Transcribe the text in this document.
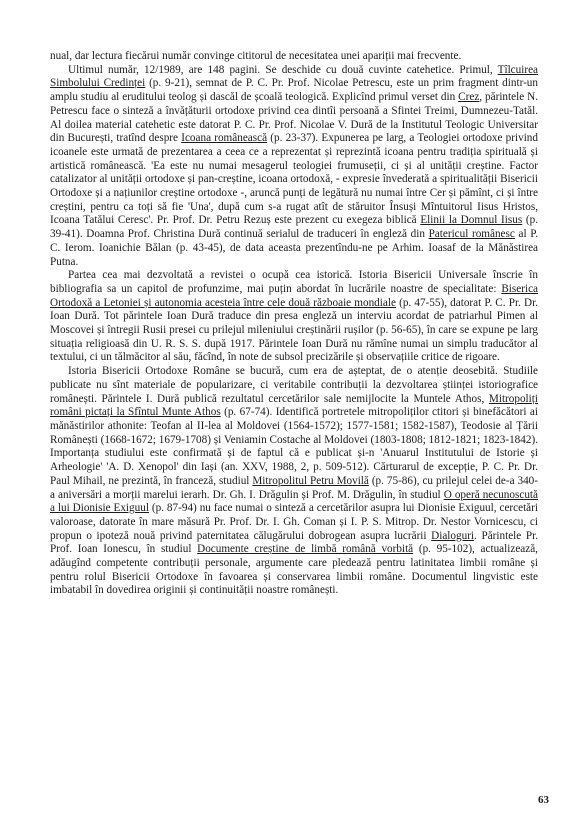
nual, dar lectura fiecărui număr convinge cititorul de necesitatea unei apariții mai frecvente.

Ultimul număr, 12/1989, are 148 pagini. Se deschide cu două cuvinte catehetice. Primul, Tîlcuirea Simbolului Credinței (p. 9-21), semnat de P. C. Pr. Prof. Nicolae Petrescu, este un prim fragment dintr-un amplu studiu al eruditului teolog și dascăl de școală teologică. Explicînd primul verset din Crez, părintele N. Petrescu face o sinteză a învățăturii ortodoxe privind cea dintîi persoană a Sfintei Treimi, Dumnezeu-Tatăl. Al doilea material catehetic este datorat P. C. Pr. Prof. Nicolae V. Dură de la Institutul Teologic Universitar din București, tratînd despre Icoana românească (p. 23-37). Expunerea pe larg, a Teologiei ortodoxe privind icoanele este urmată de prezentarea a ceea ce a reprezentat și reprezintă icoana pentru tradiția spirituală și artistică românească. 'Ea este nu numai mesagerul teologiei frumuseții, ci și al unității creștine. Factor catalizator al unității ortodoxe și pan-creștine, icoana ortodoxă, - expresie învederată a spiritualității Bisericii Ortodoxe și a națiunilor creștine ortodoxe -, aruncă punți de legătură nu numai între Cer și pămînt, ci și între creștini, pentru ca toți să fie 'Una', după cum s-a rugat atît de stăruitor Însuși Mîntuitorul Iisus Hristos, Icoana Tatălui Ceresc'. Pr. Prof. Dr. Petru Rezuș este prezent cu exegeza biblică Elinii la Domnul Iisus (p. 39-41). Doamna Prof. Christina Dură continuă serialul de traduceri în engleză din Patericul românesc al P. C. Ierom. Ioanichie Bălan (p. 43-45), de data aceasta prezentîndu-ne pe Arhim. Ioasaf de la Mănăstirea Putna.

Partea cea mai dezvoltată a revistei o ocupă cea istorică. Istoria Bisericii Universale înscrie în bibliografia sa un capitol de profunzime, mai puțin abordat în lucrările noastre de specialitate: Biserica Ortodoxă a Letoniei și autonomia acesteia între cele două războaie mondiale (p. 47-55), datorat P. C. Pr. Dr. Ioan Dură. Tot părintele Ioan Dură traduce din presa engleză un interviu acordat de patriarhul Pimen al Moscovei și întregii Rusii presei cu prilejul mileniului creștinării rușilor (p. 56-65), în care se expune pe larg situația religioasă din U. R. S. S. după 1917. Părintele Ioan Dură nu rămîne numai un simplu traducător al textului, ci un tălmăcitor al său, făcînd, în note de subsol precizările și observațiile critice de rigoare.

Istoria Bisericii Ortodoxe Române se bucură, cum era de așteptat, de o atenție deosebită. Studiile publicate nu sînt materiale de popularizare, ci veritabile contribuții la dezvoltarea științei istoriografice românești. Părintele I. Dură publică rezultatul cercetărilor sale nemijlocite la Muntele Athos, Mitropoliți români pictați la Sfîntul Munte Athos (p. 67-74). Identifică portretele mitropoliților ctitori și binefăcători ai mănăstirilor athonite: Teofan al II-lea al Moldovei (1564-1572); 1577-1581; 1582-1587), Teodosie al Țării Românești (1668-1672; 1679-1708) și Veniamin Costache al Moldovei (1803-1808; 1812-1821; 1823-1842). Importanța studiului este confirmată și de faptul că e publicat și-n 'Anuarul Institutului de Istorie și Arheologie' 'A. D. Xenopol' din Iași (an. XXV, 1988, 2, p. 509-512). Cărturarul de excepție, P. C. Pr. Dr. Paul Mihail, ne prezintă, în franceză, studiul Mitropolitul Petru Movilă (p. 75-86), cu prilejul celei de-a 340-a aniversări a morții marelui ierarh. Dr. Gh. I. Drăgulin și Prof. M. Drăgulin, în studiul O operă necunoscută a lui Dionisie Exiguul (p. 87-94) nu face numai o sinteză a cercetărilor asupra lui Dionisie Exiguul, cercetări valoroase, datorate în mare măsură Pr. Prof. Dr. I. Gh. Coman și I. P. S. Mitrop. Dr. Nestor Vornicescu, ci propun o ipoteză nouă privind paternitatea călugărului dobrogean asupra lucrării Dialoguri. Părintele Pr. Prof. Ioan Ionescu, în studiul Documente creștine de limbă română vorbită (p. 95-102), actualizează, adăugînd competente contribuții personale, argumente care pledează pentru latinitatea limbii române și pentru rolul Bisericii Ortodoxe în favoarea și conservarea limbii române. Documentul lingvistic este imbatabil în dovedirea originii și continuității noastre românești.

63
